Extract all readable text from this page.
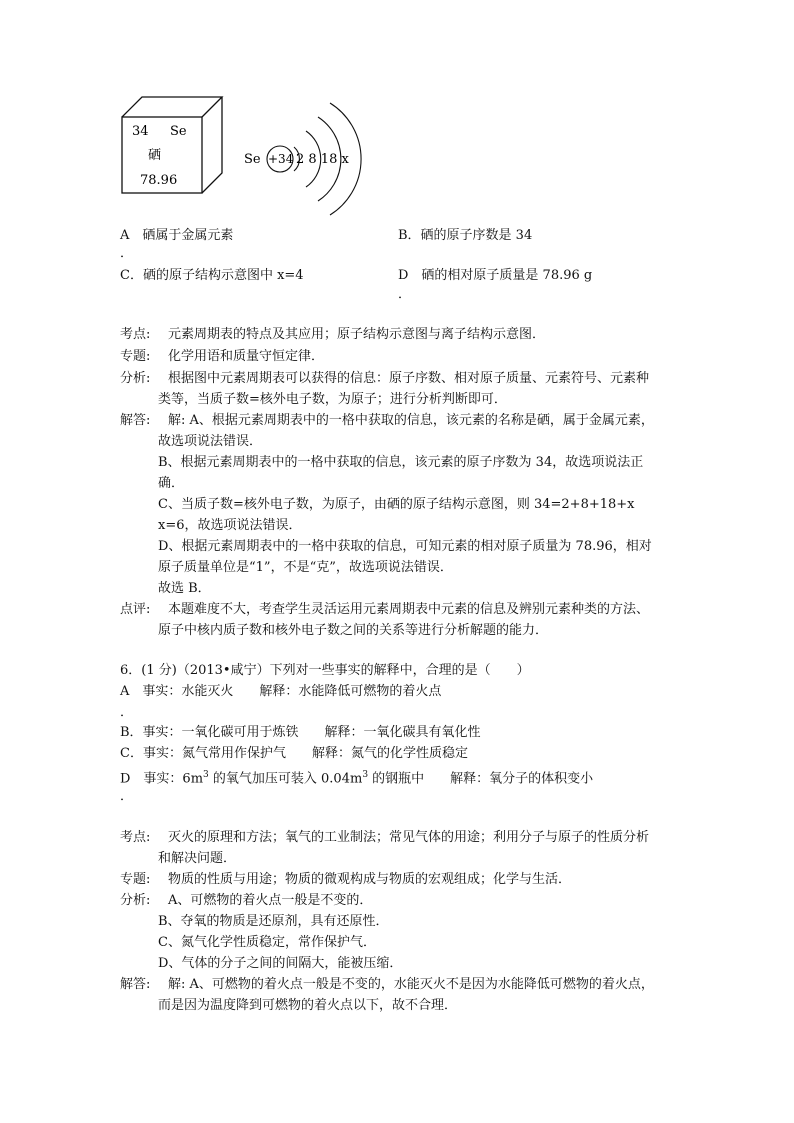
34 Se
硒
78.96
Se +34 2 8 18 x
A　硒属于金属元素
．
B．硒的原子序数是 34
C．硒的原子结构示意图中 x=4	D　硒的相对原子质量是 78.96 g
．
考点: 元素周期表的特点及其应用；原子结构示意图与离子结构示意图．
专题: 化学用语和质量守恒定律．
分析: 根据图中元素周期表可以获得的信息：原子序数、相对原子质量、元素符号、元素种
类等，当质子数=核外电子数，为原子；进行分析判断即可．
解答: 解: A、根据元素周期表中的一格中获取的信息，该元素的名称是硒，属于金属元素，
故选项说法错误．
B、根据元素周期表中的一格中获取的信息，该元素的原子序数为 34，故选项说法正
确．
C、当质子数=核外电子数，为原子，由硒的原子结构示意图，则 34=2+8+18+x
x=6，故选项说法错误．
D、根据元素周期表中的一格中获取的信息，可知元素的相对原子质量为 78.96，相对
原子质量单位是“1”，不是“克”，故选项说法错误．
故选 B．
点评: 本题难度不大，考查学生灵活运用元素周期表中元素的信息及辨别元素种类的方法、
原子中核内质子数和核外电子数之间的关系等进行分析解题的能力．
6．(1 分)（2013•咸宁）下列对一些事实的解释中，合理的是（　　）
A　事实：水能灭火　　解释：水能降低可燃物的着火点
．
B．事实：一氧化碳可用于炼铁　　解释：一氧化碳具有氧化性
C．事实：氮气常用作保护气　　解释：氮气的化学性质稳定
D　事实：$6m^3$ 的氧气加压可装入 $0.04m^3$ 的钢瓶中　　解释：氧分子的体积变小
．
考点: 灭火的原理和方法；氧气的工业制法；常见气体的用途；利用分子与原子的性质分析
和解决问题．
专题: 物质的性质与用途；物质的微观构成与物质的宏观组成；化学与生活．
分析: A、可燃物的着火点一般是不变的．
B、夺氧的物质是还原剂，具有还原性．
C、氮气化学性质稳定，常作保护气．
D、气体的分子之间的间隔大，能被压缩．
解答: 解: A、可燃物的着火点一般是不变的，水能灭火不是因为水能降低可燃物的着火点，
而是因为温度降到可燃物的着火点以下，故不合理．
